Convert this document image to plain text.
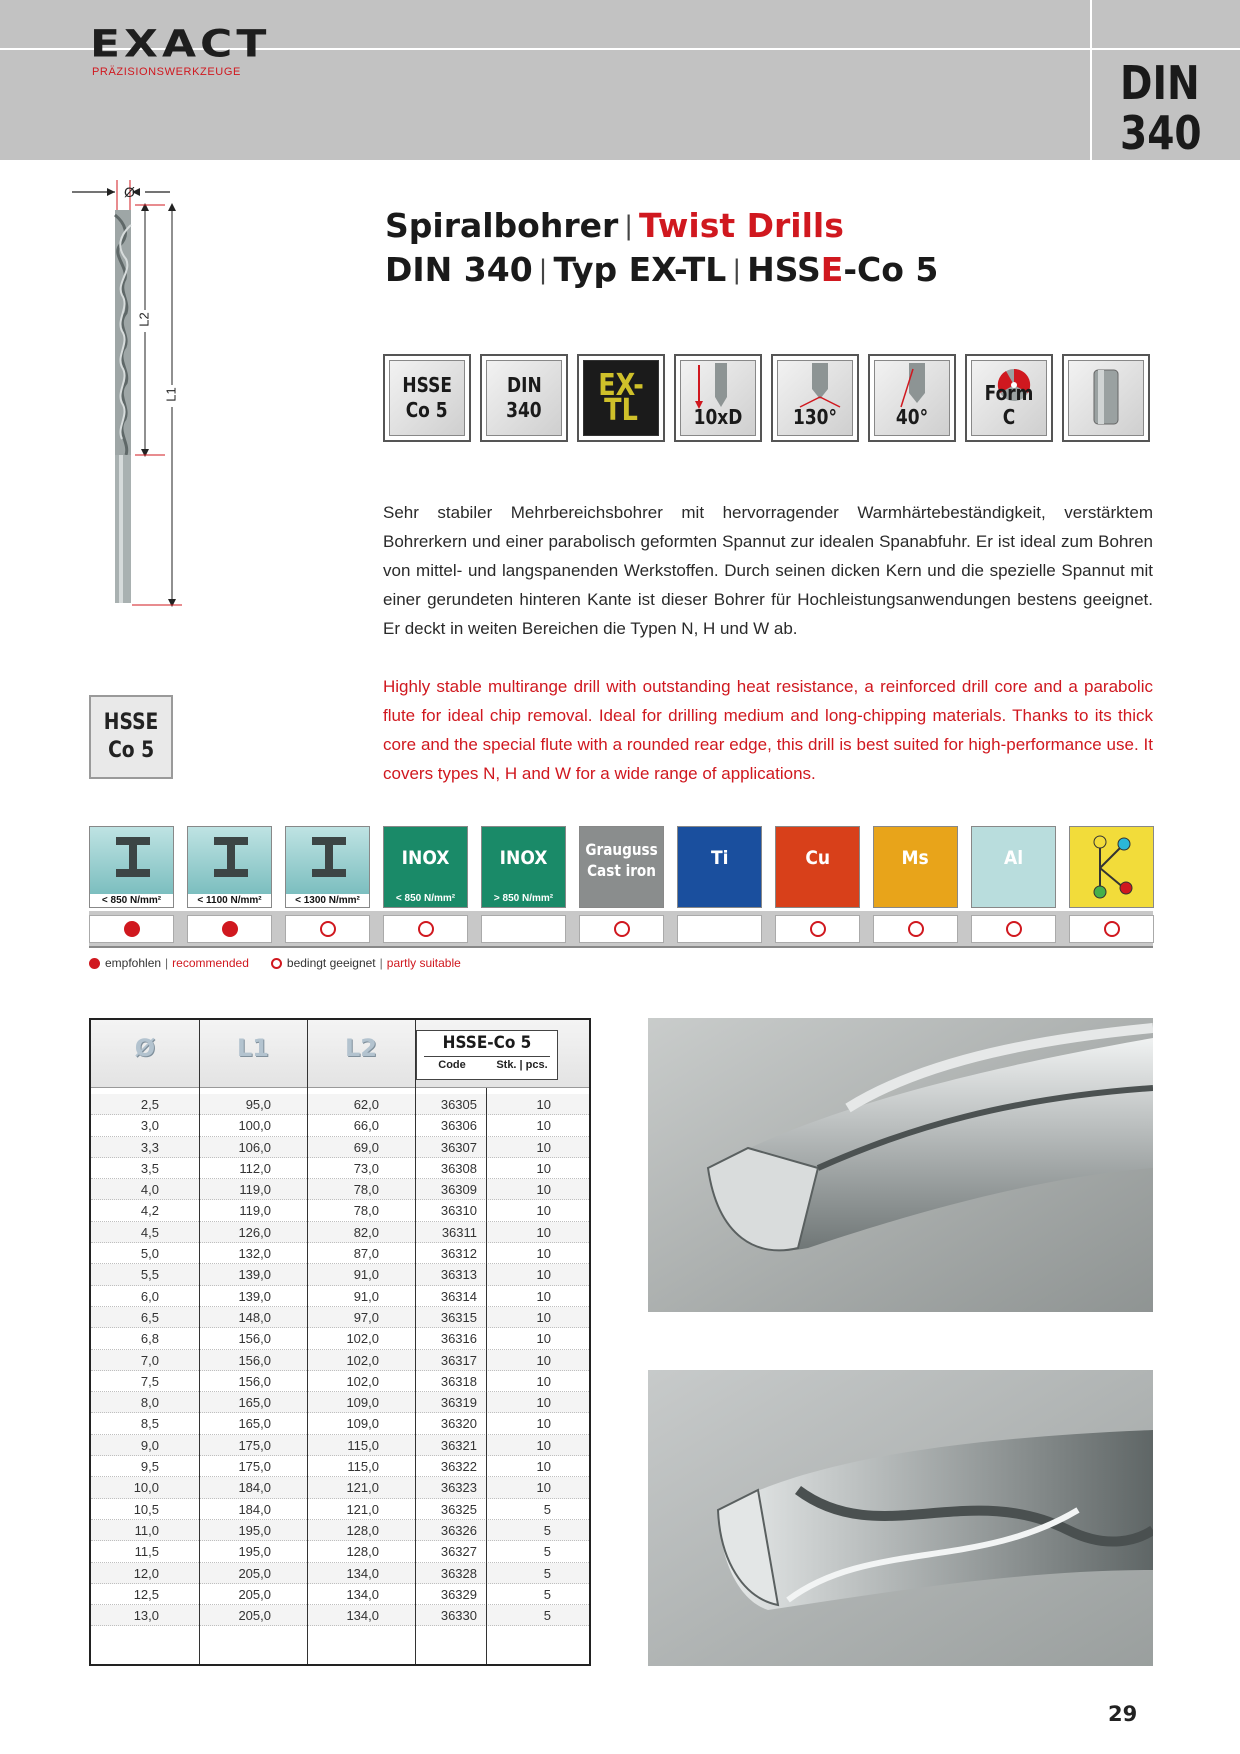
EXACT
PRÄZISIONSWERKZEUGE	DIN
340
Ø
L2
L1
HSSE
Co 5
Spiralbohrer | Twist Drills
DIN 340 | Typ EX-TL | HSSE-Co 5
HSSE
Co 5
DIN
340
EX-TL	10xD	130°	40°
Form C
Sehr stabiler Mehrbereichsbohrer mit hervorragender Warmhärtebeständigkeit, verstärktem Bohrerkern und einer parabolisch geformten Spannut zur idealen Spanabfuhr. Er ist ideal zum Bohren von mittel- und langspanenden Werkstoffen. Durch seinen dicken Kern und die spezielle Spannut mit einer gerundeten hinteren Kante ist dieser Bohrer für Hochleistungsanwendungen bestens geeignet. Er deckt in weiten Bereichen die Typen N, H und W ab.
Highly stable multirange drill with outstanding heat resistance, a reinforced drill core and a parabolic flute for ideal chip removal. Ideal for drilling medium and long-chipping materials. Thanks to its thick core and the special flute with a rounded rear edge, this drill is best suited for high-performance use. It covers types N, H and W for a wide range of applications.
< 850 N/mm²	< 1100 N/mm²	< 1300 N/mm²
INOX
< 850 N/mm²
INOX
> 850 N/mm²
Grauguss
Cast iron
Ti	Cu	Ms	Al
empfohlen | recommended	bedingt geeignet | partly suitable
Ø	L1	L2	HSSE-Co 5
Code	Stk. | pcs.
2,5	95,0	62,0	36305	10
3,0	100,0	66,0	36306	10
3,3	106,0	69,0	36307	10
3,5	112,0	73,0	36308	10
4,0	119,0	78,0	36309	10
4,2	119,0	78,0	36310	10
4,5	126,0	82,0	36311	10
5,0	132,0	87,0	36312	10
5,5	139,0	91,0	36313	10
6,0	139,0	91,0	36314	10
6,5	148,0	97,0	36315	10
6,8	156,0	102,0	36316	10
7,0	156,0	102,0	36317	10
7,5	156,0	102,0	36318	10
8,0	165,0	109,0	36319	10
8,5	165,0	109,0	36320	10
9,0	175,0	115,0	36321	10
9,5	175,0	115,0	36322	10
10,0	184,0	121,0	36323	10
10,5	184,0	121,0	36325	5
11,0	195,0	128,0	36326	5
11,5	195,0	128,0	36327	5
12,0	205,0	134,0	36328	5
12,5	205,0	134,0	36329	5
13,0	205,0	134,0	36330	5
29
